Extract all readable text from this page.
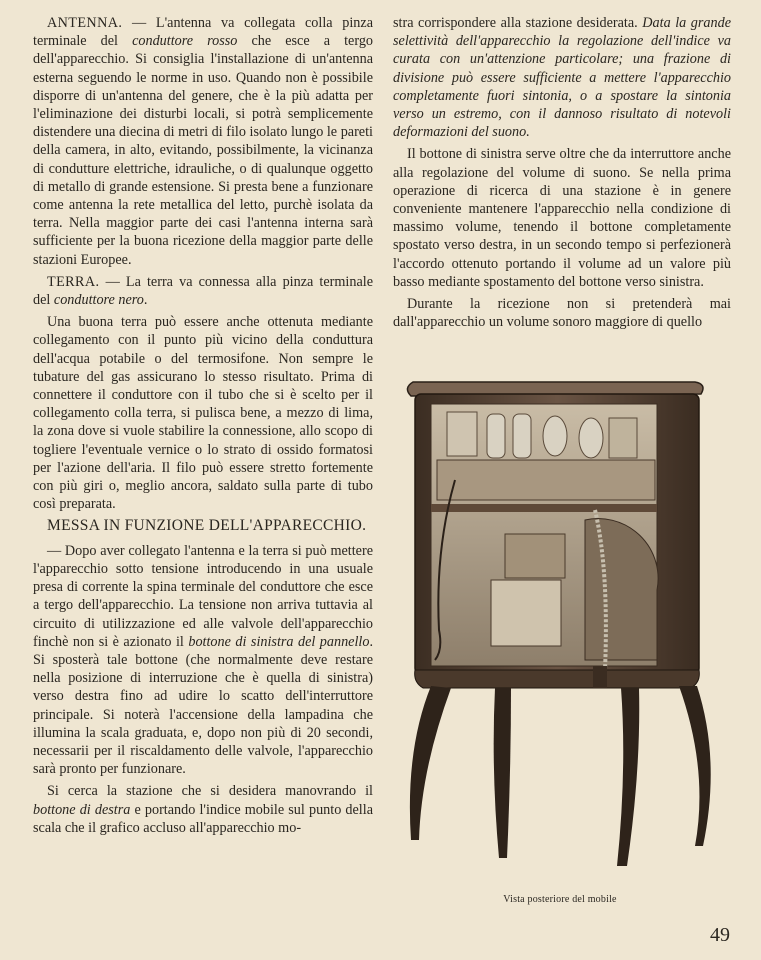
ANTENNA. — L'antenna va collegata colla pinza terminale del conduttore rosso che esce a tergo dell'apparecchio. Si consiglia l'installazione di un'antenna esterna seguendo le norme in uso. Quando non è possibile disporre di un'antenna del genere, che è la più adatta per l'eliminazione dei disturbi locali, si potrà semplicemente distendere una diecina di metri di filo isolato lungo le pareti della camera, in alto, evitando, possibilmente, la vicinanza di condutture elettriche, idrauliche, o di qualunque oggetto di metallo di grande estensione. Si presta bene a funzionare come antenna la rete metallica del letto, purchè isolata da terra. Nella maggior parte dei casi l'antenna interna sarà sufficiente per la buona ricezione della maggior parte delle stazioni Europee.

TERRA. — La terra va connessa alla pinza terminale del conduttore nero.

Una buona terra può essere anche ottenuta mediante collegamento con il punto più vicino della conduttura dell'acqua potabile o del termosifone. Non sempre le tubature del gas assicurano lo stesso risultato. Prima di connettere il conduttore con il tubo che si è scelto per il collegamento colla terra, si pulisca bene, a mezzo di lima, la zona dove si vuole stabilire la connessione, allo scopo di togliere l'eventuale vernice o lo strato di ossido formatosi per l'azione dell'aria. Il filo può essere stretto fortemente con più giri o, meglio ancora, saldato sulla parte di tubo così preparata.

MESSA IN FUNZIONE DELL'APPARECCHIO.

— Dopo aver collegato l'antenna e la terra si può mettere l'apparecchio sotto tensione introducendo in una usuale presa di corrente la spina terminale del conduttore che esce a tergo dell'apparecchio. La tensione non arriva tuttavia al circuito di utilizzazione ed alle valvole dell'apparecchio finchè non si è azionato il bottone di sinistra del pannello. Si sposterà tale bottone (che normalmente deve restare nella posizione di interruzione che è quella di sinistra) verso destra fino ad udire lo scatto dell'interruttore principale. Si noterà l'accensione della lampadina che illumina la scala graduata, e, dopo non più di 20 secondi, necessarii per il riscaldamento delle valvole, l'apparecchio sarà pronto per funzionare.

Si cerca la stazione che si desidera manovrando il bottone di destra e portando l'indice mobile sul punto della scala che il grafico accluso all'apparecchio mo-

stra corrispondere alla stazione desiderata. Data la grande selettività dell'apparecchio la regolazione dell'indice va curata con un'attenzione particolare; una frazione di divisione può essere sufficiente a mettere l'apparecchio completamente fuori sintonia, o a spostare la sintonia verso un estremo, con il dannoso risultato di notevoli deformazioni del suono.

Il bottone di sinistra serve oltre che da interruttore anche alla regolazione del volume di suono. Se nella prima operazione di ricerca di una stazione è in genere conveniente mantenere l'apparecchio nella condizione di massimo volume, tenendo il bottone completamente spostato verso destra, in un secondo tempo si perfezionerà l'accordo ottenuto portando il volume ad un valore più basso mediante spostamento del bottone verso sinistra.

Durante la ricezione non si pretenderà mai dall'apparecchio un volume sonoro maggiore di quello

Vista posteriore del mobile
49
